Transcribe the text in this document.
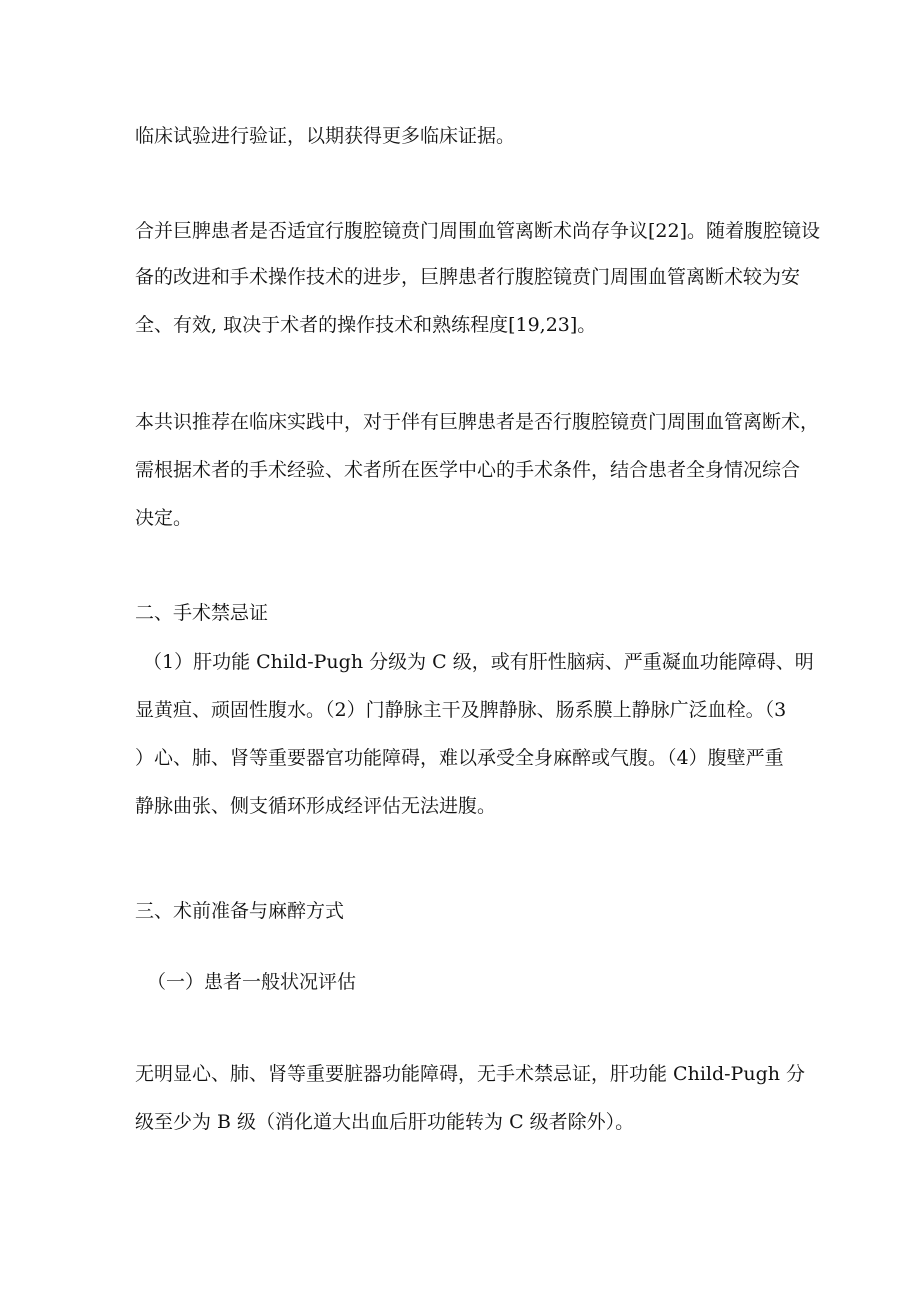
临床试验进行验证，以期获得更多临床证据。

合并巨脾患者是否适宜行腹腔镜贲门周围血管离断术尚存争议[22]。随着腹腔镜设

备的改进和手术操作技术的进步，巨脾患者行腹腔镜贲门周围血管离断术较为安

全、有效, 取决于术者的操作技术和熟练程度[19,23]。

本共识推荐在临床实践中，对于伴有巨脾患者是否行腹腔镜贲门周围血管离断术，

需根据术者的手术经验、术者所在医学中心的手术条件，结合患者全身情况综合

决定。

二、手术禁忌证

（1）肝功能 Child-Pugh 分级为 C 级，或有肝性脑病、严重凝血功能障碍、明

显黄疸、顽固性腹水。（2）门静脉主干及脾静脉、肠系膜上静脉广泛血栓。（3

）心、肺、肾等重要器官功能障碍，难以承受全身麻醉或气腹。（4）腹壁严重

静脉曲张、侧支循环形成经评估无法进腹。

三、术前准备与麻醉方式

（一）患者一般状况评估

无明显心、肺、肾等重要脏器功能障碍，无手术禁忌证，肝功能 Child-Pugh 分

级至少为 B 级（消化道大出血后肝功能转为 C 级者除外）。
